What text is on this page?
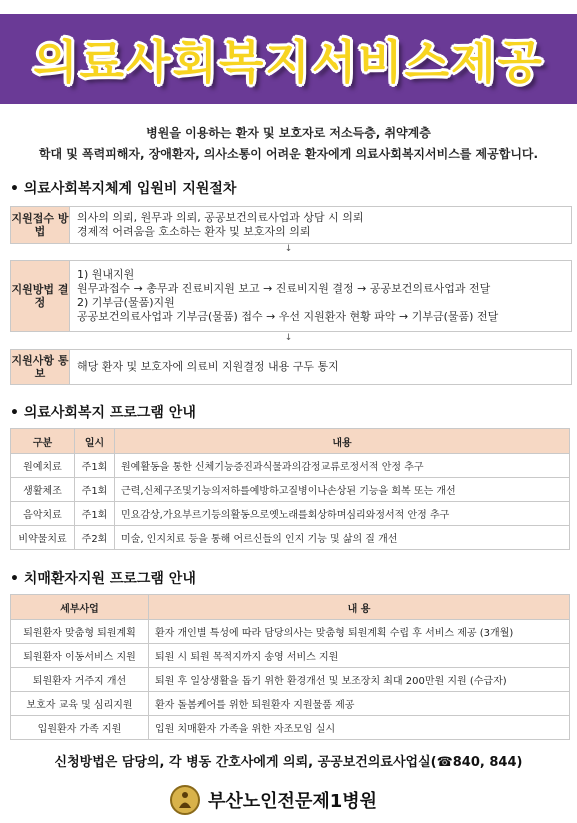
의료사회복지서비스제공
병원을 이용하는 환자 및 보호자로 저소득층, 취약계층
학대 및 폭력피해자, 장애환자, 의사소통이 어려운 환자에게 의료사회복지서비스를 제공합니다.
• 의료사회복지체계 입원비 지원절차
지원접수 방법
의사의 의뢰, 원무과 의뢰, 공공보건의료사업과 상담 시 의뢰
경제적 어려움을 호소하는 환자 및 보호자의 의뢰
↓
지원방법 결정
1) 원내지원
원무과접수 → 총무과 진료비지원 보고 → 진료비지원 결정 → 공공보건의료사업과 전달
2) 기부금(물품)지원
공공보건의료사업과 기부금(물품) 접수 → 우선 지원환자 현황 파악 → 기부금(물품) 전달
↓
지원사항 통보
해당 환자 및 보호자에 의료비 지원결정 내용 구두 통지
• 의료사회복지 프로그램 안내
구분	일시	내용
원예치료	주1회	원예활동을 통한 신체기능증진과식물과의감정교류로정서적 안정 추구
생활체조	주1회	근력,신체구조및기능의저하를예방하고질병이나손상된 기능을 회복 또는 개선
음악치료	주1회	민요감상,가요부르기등의활동으로옛노래를회상하며심리와정서적 안정 추구
비약물치료	주2회	미술, 인지치료 등을 통해 어르신들의 인지 기능 및 삶의 질 개선
• 치매환자지원 프로그램 안내
세부사업	내 용
퇴원환자 맞춤형 퇴원계획	환자 개인별 특성에 따라 담당의사는 맞춤형 퇴원계획 수립 후 서비스 제공 (3개월)
퇴원환자 이동서비스 지원	퇴원 시 퇴원 목적지까지 송영 서비스 지원
퇴원환자 거주지 개선	퇴원 후 일상생활을 돕기 위한 환경개선 및 보조장치 최대 200만원 지원 (수급자)
보호자 교육 및 심리지원	환자 돌봄케어를 위한 퇴원환자 지원물품 제공
입원환자 가족 지원	입원 치매환자 가족을 위한 자조모임 실시
신청방법은 담당의, 각 병동 간호사에게 의뢰, 공공보건의료사업실(☎840, 844)
부산노인전문제1병원
